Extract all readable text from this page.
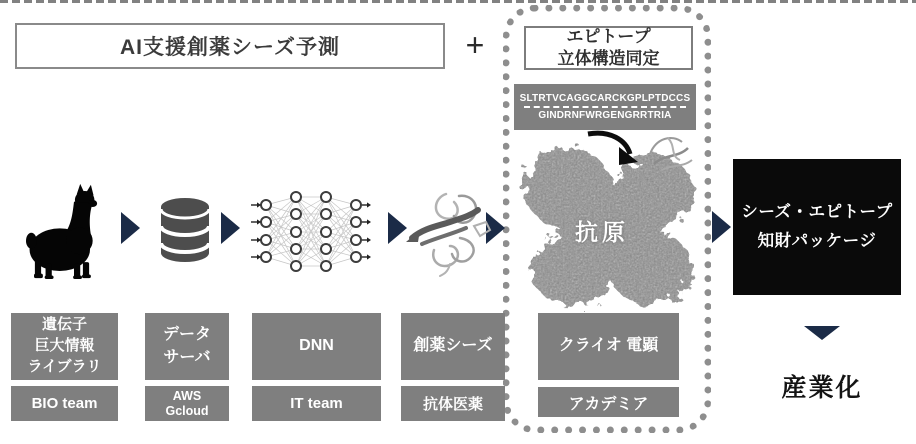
AI支援創薬シーズ予測	+	エピトープ
立体構造同定
SLTRTVCAGGCARCKGPLPTDCCS
GINDRNFWRGENGRRTRIA
抗原
シーズ・エピトープ
知財パッケージ
産業化
遺伝子
巨大情報
ライブラリ
データ
サーバ
DNN	創薬シーズ	クライオ 電顕
BIO team	AWS
Gcloud	IT team	抗体医薬	アカデミア
